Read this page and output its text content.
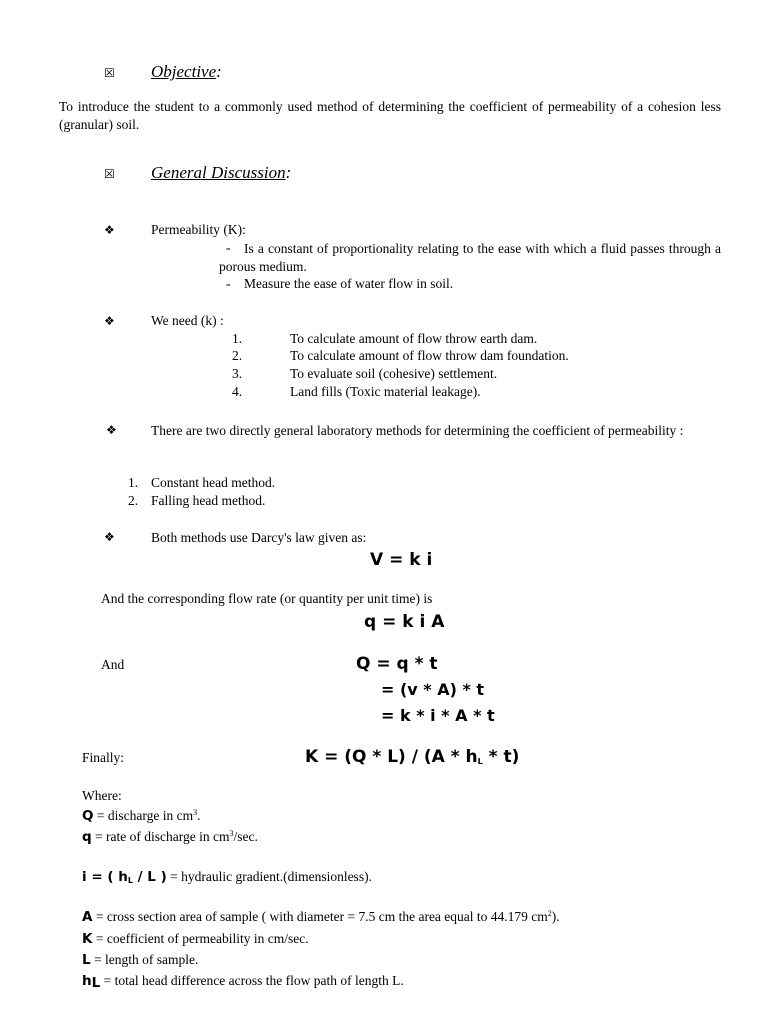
☒ Objective:
To introduce the student to a commonly used method of determining the coefficient of permeability of a cohesion less (granular) soil.
☒ General Discussion:
❖	Permeability (K):
-	Is a constant of proportionality relating to the ease with which a fluid passes through a porous medium.
- Measure the ease of water flow in soil.
❖	We need (k) :
1.	To calculate amount of flow throw earth dam.
2.	To calculate amount of flow throw dam foundation.
3.	To evaluate soil (cohesive) settlement.
4.	Land fills (Toxic material leakage).
❖	There are two directly general laboratory methods for determining the coefficient of permeability :
1. Constant head method.
2. Falling head method.
❖	Both methods use Darcy's law given as:
V = k i
And the corresponding flow rate (or quantity per unit time) is
q = k i A
And	Q = q * t
= (v * A) * t
= k * i * A * t
Finally:	$K = (Q * L) / (A * h_L * t)$
Where:
Q = discharge in $cm^3$.
q = rate of discharge in $cm^3/\sec$.
i = ( $h_L$ / L ) = hydraulic gradient.(dimensionless).
A = cross section area of sample ( with diameter = 7.5 cm the area equal to 44.179 $cm^2$).
K = coefficient of permeability in cm/sec.
L = length of sample.
$h_L$ = total head difference across the flow path of length L.
